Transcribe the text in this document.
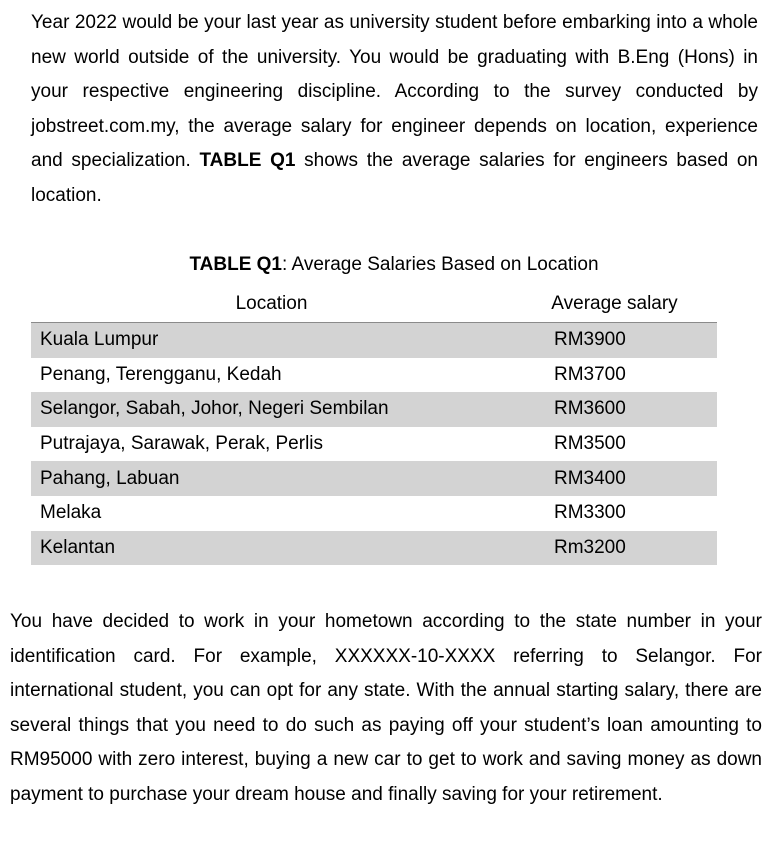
Year 2022 would be your last year as university student before embarking into a whole new world outside of the university. You would be graduating with B.Eng (Hons) in your respective engineering discipline. According to the survey conducted by jobstreet.com.my, the average salary for engineer depends on location, experience and specialization. TABLE Q1 shows the average salaries for engineers based on location.

TABLE Q1: Average Salaries Based on Location
Location	Average salary
Kuala Lumpur	RM3900
Penang, Terengganu, Kedah	RM3700
Selangor, Sabah, Johor, Negeri Sembilan	RM3600
Putrajaya, Sarawak, Perak, Perlis	RM3500
Pahang, Labuan	RM3400
Melaka	RM3300
Kelantan	Rm3200

You have decided to work in your hometown according to the state number in your identification card. For example, XXXXXX-10-XXXX referring to Selangor. For international student, you can opt for any state. With the annual starting salary, there are several things that you need to do such as paying off your student’s loan amounting to RM95000 with zero interest, buying a new car to get to work and saving money as down payment to purchase your dream house and finally saving for your retirement.
